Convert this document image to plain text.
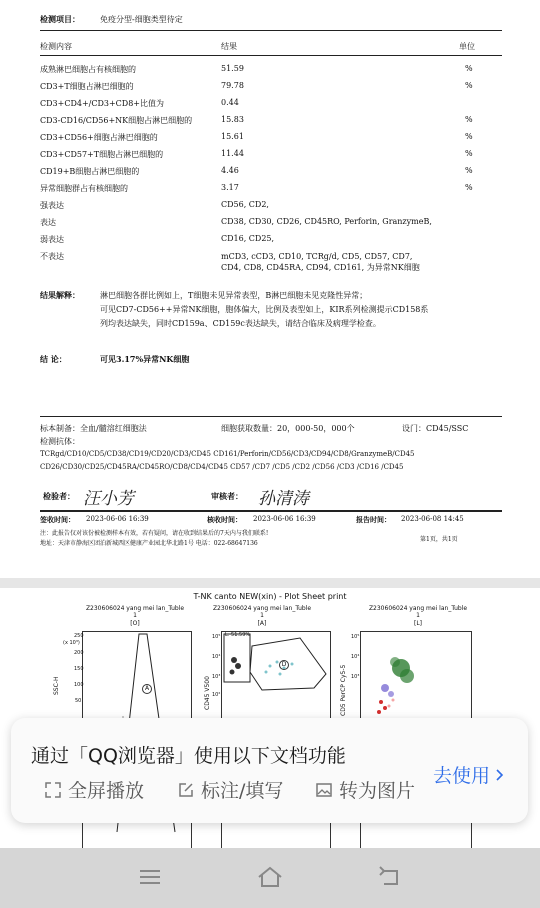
检测项目：	免疫分型-细胞类型待定
检测内容	结果	单位
成熟淋巴细胞占有核细胞的	51.59	%
CD3+T细胞占淋巴细胞的	79.78	%
CD3+CD4+/CD3+CD8+比值为	0.44
CD3-CD16/CD56+NK细胞占淋巴细胞的	15.83	%
CD3+CD56+细胞占淋巴细胞的	15.61	%
CD3+CD57+T细胞占淋巴细胞的	11.44	%
CD19+B细胞占淋巴细胞的	4.46	%
异常细胞群占有核细胞的	3.17	%
强表达	CD56, CD2,
表达	CD38, CD30, CD26, CD45RO, Perforin, GranzymeB,
弱表达	CD16, CD25,
不表达	mCD3, cCD3, CD10, TCRg/d, CD5, CD57, CD7, CD4, CD8, CD45RA, CD94, CD161, 为异常NK细胞
结果解释：	淋巴细胞各群比例如上，T细胞未见异常表型，B淋巴细胞未见克隆性异常；
可见CD7-CD56++异常NK细胞，胞体偏大，比例及表型如上，KIR系列检测提示CD158系
列均表达缺失，同时CD159a、CD159c表达缺失，请结合临床及病理学检查。
结 论：	可见3.17%异常NK细胞
标本制备：全血/髓溶红细胞法	细胞获取数量：20，000-50，000个	设门：CD45/SSC
检测抗体：
TCRgd/CD10/CD5/CD38/CD19/CD20/CD3/CD45 CD161/Perforin/CD56/CD3/CD94/CD8/GranzymeB/CD45
CD26/CD30/CD25/CD45RA/CD45RO/CD8/CD4/CD45 CD57 /CD7 /CD5 /CD2 /CD56 /CD3 /CD16 /CD45
检验者： 汪小芳	审核者： 孙清涛
签收时间： 2023-06-06 16:39	核收时间： 2023-06-06 16:39	报告时间： 2023-06-08 14:45
注：此报告仅对该份被检测样本有效，若有疑问，请在收到结果后的7天内与我们联系!
地址：天津市静海区团泊新城西区健康产业园北华北路1号 电话：022-68647136
第1页，共1页
T-NK canto NEW(xin) - Plot Sheet print
Z230606024 yang mei lan_Tuble
1
[O]
SSC-H
(x 10³)
A
250
200
150
100
50
Z230606024 yang mei lan_Tuble
1
[A]
CD45 V500
L: 51.59%
D
10⁵
10⁴
10³
10²
Z230606024 yang mei lan_Tuble
1
[L]
CD5 PerCP Cy5-5
10⁵
10⁴
10³
通过「QQ浏览器」使用以下文档功能
全屏播放	标注/填写	转为图片
去使用
